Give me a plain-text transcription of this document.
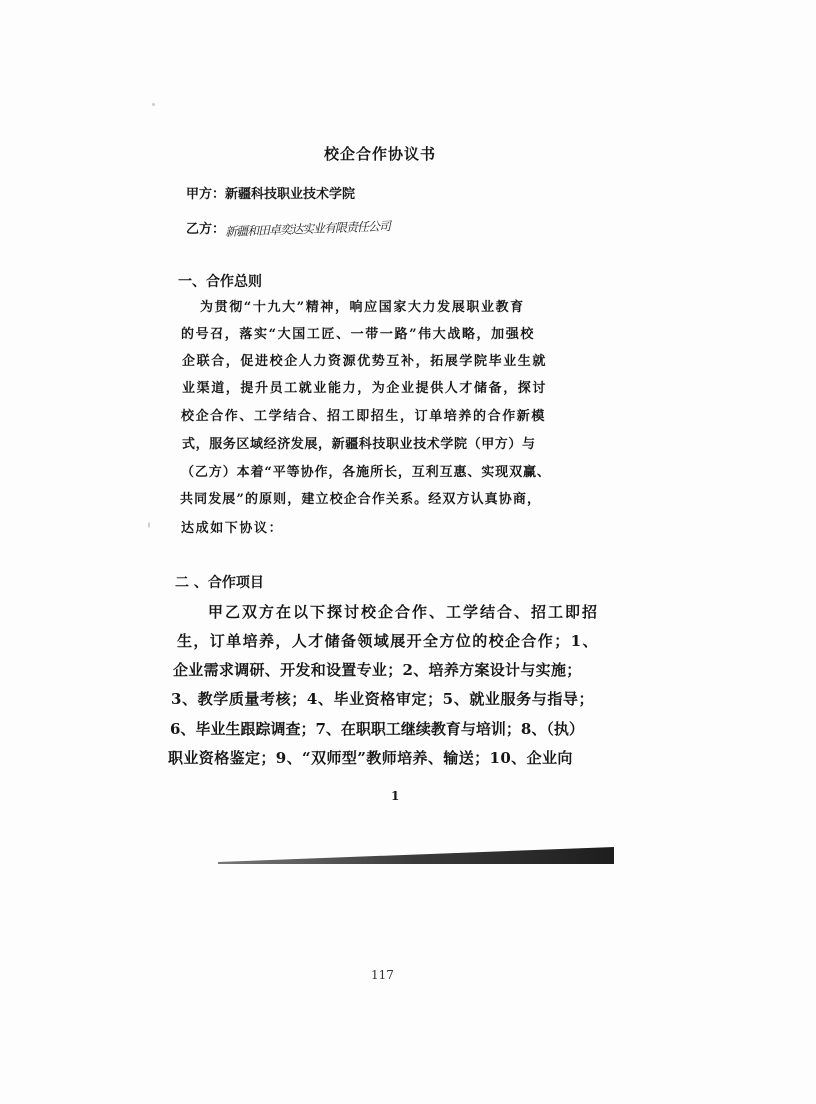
校企合作协议书
甲方：新疆科技职业技术学院
乙方：新疆和田卓奕达实业有限责任公司
一、合作总则
为贯彻“十九大”精神，响应国家大力发展职业教育
的号召，落实“大国工匠、一带一路”伟大战略，加强校
企联合，促进校企人力资源优势互补，拓展学院毕业生就
业渠道，提升员工就业能力，为企业提供人才储备，探讨
校企合作、工学结合、招工即招生，订单培养的合作新模
式，服务区域经济发展，新疆科技职业技术学院（甲方）与
（乙方）本着“平等协作，各施所长，互利互惠、实现双赢、
共同发展”的原则，建立校企合作关系。经双方认真协商，
达成如下协议：
二 、合作项目
甲乙双方在以下探讨校企合作、工学结合、招工即招
生，订单培养，人才储备领域展开全方位的校企合作；1、
企业需求调研、开发和设置专业；2、培养方案设计与实施；
3、教学质量考核；4、毕业资格审定；5、就业服务与指导；
6、毕业生跟踪调查；7、在职职工继续教育与培训；8、（执）
职业资格鉴定；9、“双师型”教师培养、输送；10、企业向
1
117
